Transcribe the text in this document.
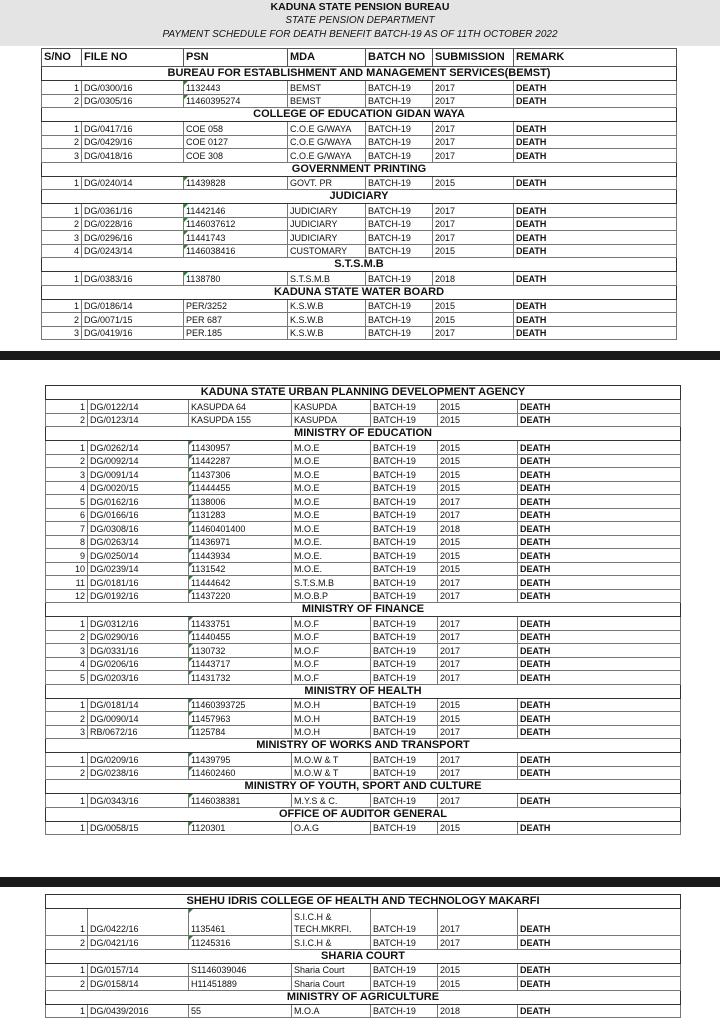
KADUNA STATE PENSION BUREAU
STATE PENSION DEPARTMENT
PAYMENT SCHEDULE FOR DEATH BENEFIT BATCH-19 AS OF 11TH OCTOBER 2022
S/NO	FILE NO	PSN	MDA	BATCH NO	SUBMISSION	REMARK
BUREAU FOR ESTABLISHMENT AND MANAGEMENT SERVICES(BEMST)						
1	DG/0300/16	1132443	BEMST	BATCH-19	2017	DEATH
2	DG/0305/16	11460395274	BEMST	BATCH-19	2017	DEATH
COLLEGE OF EDUCATION GIDAN WAYA						
1	DG/0417/16	COE 058	C.O.E G/WAYA	BATCH-19	2017	DEATH
2	DG/0429/16	COE 0127	C.O.E G/WAYA	BATCH-19	2017	DEATH
3	DG/0418/16	COE 308	C.O.E G/WAYA	BATCH-19	2017	DEATH
GOVERNMENT PRINTING						
1	DG/0240/14	11439828	GOVT. PR	BATCH-19	2015	DEATH
JUDICIARY						
1	DG/0361/16	11442146	JUDICIARY	BATCH-19	2017	DEATH
2	DG/0228/16	1146037612	JUDICIARY	BATCH-19	2017	DEATH
3	DG/0296/16	11441743	JUDICIARY	BATCH-19	2017	DEATH
4	DG/0243/14	1146038416	CUSTOMARY	BATCH-19	2015	DEATH
S.T.S.M.B						
1	DG/0383/16	1138780	S.T.S.M.B	BATCH-19	2018	DEATH
KADUNA STATE WATER BOARD						
1	DG/0186/14	PER/3252	K.S.W.B	BATCH-19	2015	DEATH
2	DG/0071/15	PER 687	K.S.W.B	BATCH-19	2015	DEATH
3	DG/0419/16	PER.185	K.S.W.B	BATCH-19	2017	DEATH
KADUNA STATE URBAN PLANNING DEVELOPMENT AGENCY						
1	DG/0122/14	KASUPDA 64	KASUPDA	BATCH-19	2015	DEATH
2	DG/0123/14	KASUPDA 155	KASUPDA	BATCH-19	2015	DEATH
MINISTRY OF EDUCATION						
1	DG/0262/14	11430957	M.O.E	BATCH-19	2015	DEATH
2	DG/0092/14	11442287	M.O.E	BATCH-19	2015	DEATH
3	DG/0091/14	11437306	M.O.E	BATCH-19	2015	DEATH
4	DG/0020/15	11444455	M.O.E	BATCH-19	2015	DEATH
5	DG/0162/16	1138006	M.O.E	BATCH-19	2017	DEATH
6	DG/0166/16	1131283	M.O.E	BATCH-19	2017	DEATH
7	DG/0308/16	11460401400	M.O.E	BATCH-19	2018	DEATH
8	DG/0263/14	11436971	M.O.E.	BATCH-19	2015	DEATH
9	DG/0250/14	11443934	M.O.E.	BATCH-19	2015	DEATH
10	DG/0239/14	1131542	M.O.E.	BATCH-19	2015	DEATH
11	DG/0181/16	11444642	S.T.S.M.B	BATCH-19	2017	DEATH
12	DG/0192/16	11437220	M.O.B.P	BATCH-19	2017	DEATH
MINISTRY OF FINANCE						
1	DG/0312/16	11433751	M.O.F	BATCH-19	2017	DEATH
2	DG/0290/16	11440455	M.O.F	BATCH-19	2017	DEATH
3	DG/0331/16	1130732	M.O.F	BATCH-19	2017	DEATH
4	DG/0206/16	11443717	M.O.F	BATCH-19	2017	DEATH
5	DG/0203/16	11431732	M.O.F	BATCH-19	2017	DEATH
MINISTRY OF HEALTH						
1	DG/0181/14	11460393725	M.O.H	BATCH-19	2015	DEATH
2	DG/0090/14	11457963	M.O.H	BATCH-19	2015	DEATH
3	RB/0672/16	1125784	M.O.H	BATCH-19	2017	DEATH
MINISTRY OF WORKS AND TRANSPORT						
1	DG/0209/16	11439795	M.O.W & T	BATCH-19	2017	DEATH
2	DG/0238/16	114602460	M.O.W & T	BATCH-19	2017	DEATH
MINISTRY OF YOUTH, SPORT AND CULTURE						
1	DG/0343/16	1146038381	M.Y.S & C.	BATCH-19	2017	DEATH
OFFICE OF AUDITOR GENERAL						
1	DG/0058/15	1120301	O.A.G	BATCH-19	2015	DEATH
SHEHU IDRIS COLLEGE OF HEALTH AND TECHNOLOGY MAKARFI						
1	DG/0422/16	1135461	S.I.C.H & TECH.MKRFI.	BATCH-19	2017	DEATH
2	DG/0421/16	11245316	S.I.C.H &	BATCH-19	2017	DEATH
SHARIA COURT						
1	DG/0157/14	S1146039046	Sharia Court	BATCH-19	2015	DEATH
2	DG/0158/14	H11451889	Sharia Court	BATCH-19	2015	DEATH
MINISTRY OF AGRICULTURE						
1	DG/0439/2016	55	M.O.A	BATCH-19	2018	DEATH
